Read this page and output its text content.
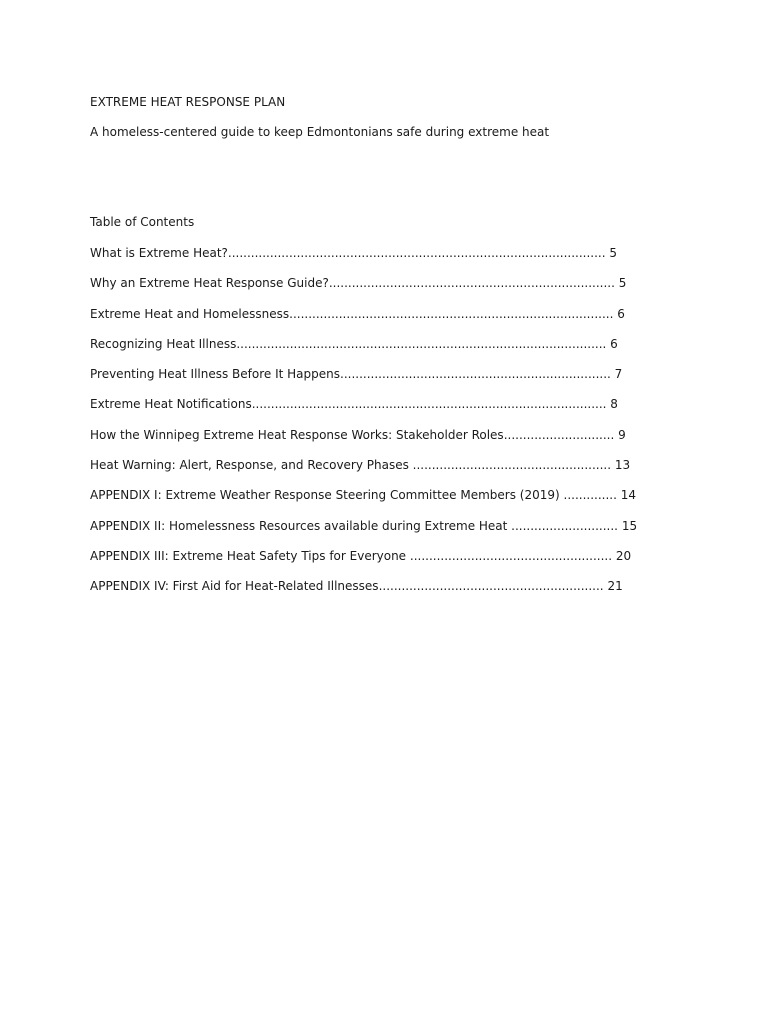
EXTREME HEAT RESPONSE PLAN
A homeless-centered guide to keep Edmontonians safe during extreme heat
Table of Contents
What is Extreme Heat?................................................................................................... 5
Why an Extreme Heat Response Guide?........................................................................... 5
Extreme Heat and Homelessness..................................................................................... 6
Recognizing Heat Illness................................................................................................. 6
Preventing Heat Illness Before It Happens....................................................................... 7
Extreme Heat Notifications............................................................................................. 8
How the Winnipeg Extreme Heat Response Works: Stakeholder Roles............................. 9
Heat Warning: Alert, Response, and Recovery Phases .................................................... 13
APPENDIX I: Extreme Weather Response Steering Committee Members (2019) .............. 14
APPENDIX II: Homelessness Resources available during Extreme Heat ............................ 15
APPENDIX III: Extreme Heat Safety Tips for Everyone ..................................................... 20
APPENDIX IV: First Aid for Heat-Related Illnesses........................................................... 21
